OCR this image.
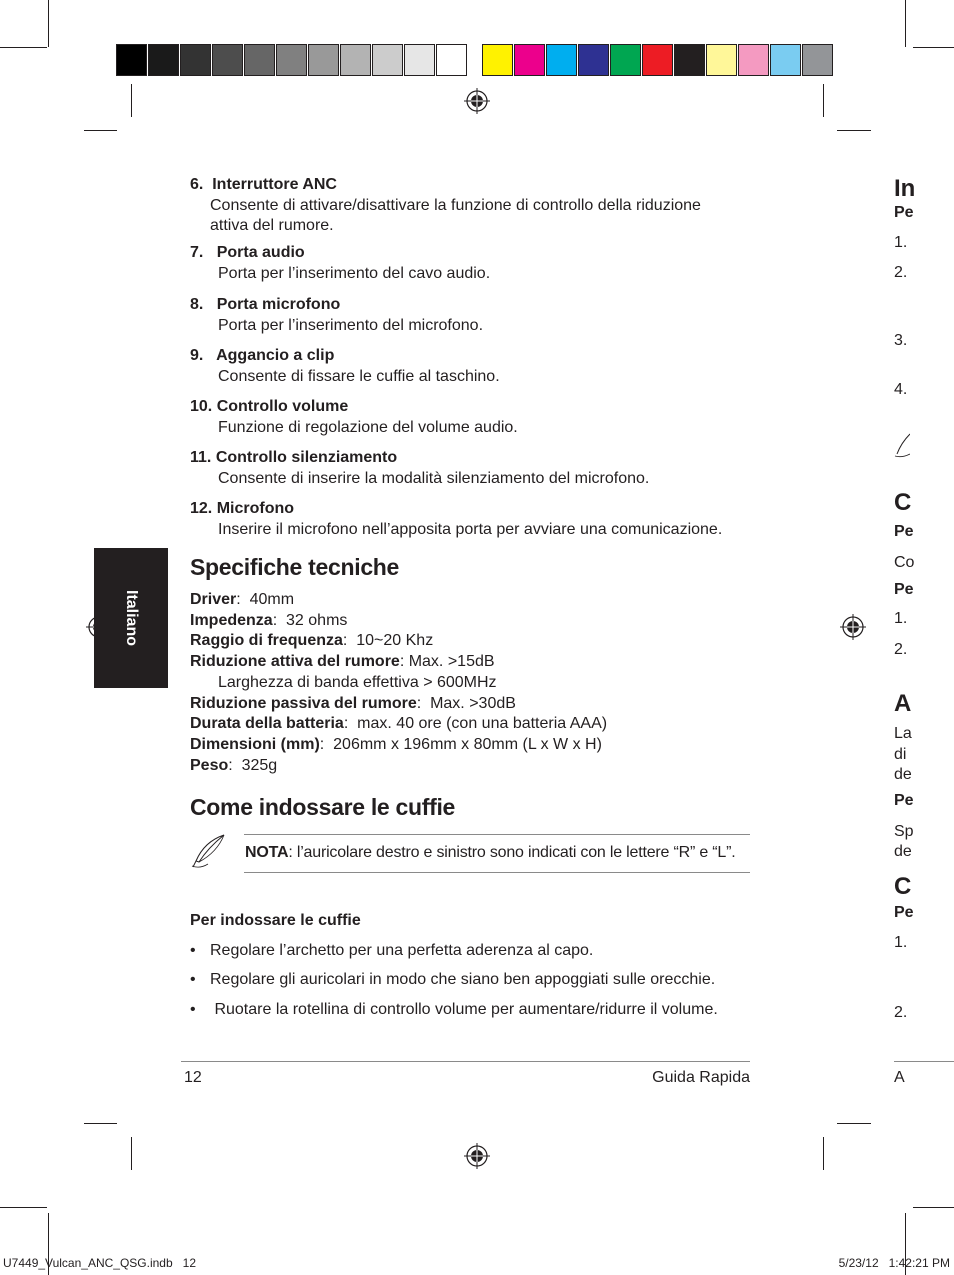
Italiano
6. Interruttore ANC
Consente di attivare/disattivare la funzione di controllo della riduzione attiva del rumore.
7. Porta audio
Porta per l’inserimento del cavo audio.
8. Porta microfono
Porta per l’inserimento del microfono.
9. Aggancio a clip
Consente di fissare le cuffie al taschino.
10. Controllo volume
Funzione di regolazione del volume audio.
11. Controllo silenziamento
Consente di inserire la modalità silenziamento del microfono.
12. Microfono
Inserire il microfono nell’apposita porta per avviare una comunicazione.
Specifiche tecniche
Driver:  40mm
Impedenza:  32 ohms
Raggio di frequenza:  10~20 Khz
Riduzione attiva del rumore: Max. >15dB
Larghezza di banda effettiva > 600MHz
Riduzione passiva del rumore:  Max. >30dB
Durata della batteria:  max. 40 ore (con una batteria AAA)
Dimensioni (mm):  206mm x 196mm x 80mm (L x W x H)
Peso:  325g
Come indossare le cuffie
NOTA: l’auricolare destro e sinistro sono indicati con le lettere “R” e “L”.
Per indossare le cuffie
• Regolare l’archetto per una perfetta aderenza al capo.
• Regolare gli auricolari in modo che siano ben appoggiati sulle orecchie.
• Ruotare la rotellina di controllo volume per aumentare/ridurre il volume.
12	Guida Rapida
U7449_Vulcan_ANC_QSG.indb   12	5/23/12   1:42:21 PM
In
Pe
1.
2.
3.
4.
C
Pe
Co
Pe
1.
2.
A
La
di
de
Pe
Sp
de
C
Pe
1.
2.
A
